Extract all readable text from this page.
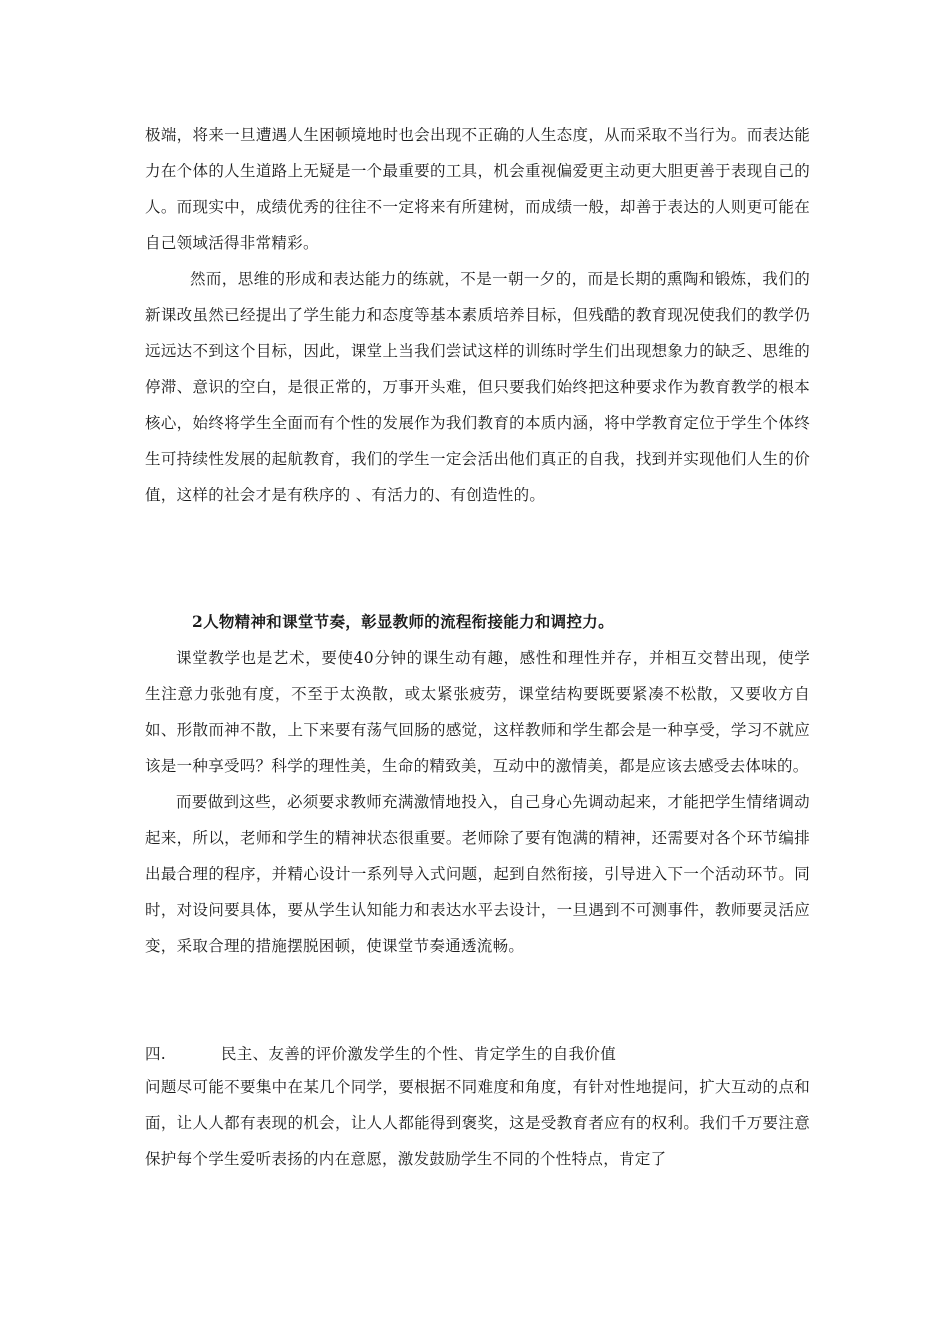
极端，将来一旦遭遇人生困顿境地时也会出现不正确的人生态度，从而采取不当行为。而表达能力在个体的人生道路上无疑是一个最重要的工具，机会重视偏爱更主动更大胆更善于表现自己的人。而现实中，成绩优秀的往往不一定将来有所建树，而成绩一般，却善于表达的人则更可能在自己领域活得非常精彩。

然而，思维的形成和表达能力的练就，不是一朝一夕的，而是长期的熏陶和锻炼，我们的新课改虽然已经提出了学生能力和态度等基本素质培养目标，但残酷的教育现况使我们的教学仍远远达不到这个目标，因此，课堂上当我们尝试这样的训练时学生们出现想象力的缺乏、思维的停滞、意识的空白，是很正常的，万事开头难，但只要我们始终把这种要求作为教育教学的根本核心，始终将学生全面而有个性的发展作为我们教育的本质内涵，将中学教育定位于学生个体终生可持续性发展的起航教育，我们的学生一定会活出他们真正的自我，找到并实现他们人生的价值，这样的社会才是有秩序的 、有活力的、有创造性的。

2人物精神和课堂节奏，彰显教师的流程衔接能力和调控力。

课堂教学也是艺术，要使40分钟的课生动有趣，感性和理性并存，并相互交替出现，使学生注意力张弛有度，不至于太涣散，或太紧张疲劳，课堂结构要既要紧凑不松散，又要收方自如、形散而神不散，上下来要有荡气回肠的感觉，这样教师和学生都会是一种享受，学习不就应该是一种享受吗？科学的理性美，生命的精致美，互动中的激情美，都是应该去感受去体味的。

而要做到这些，必须要求教师充满激情地投入，自己身心先调动起来，才能把学生情绪调动起来，所以，老师和学生的精神状态很重要。老师除了要有饱满的精神，还需要对各个环节编排出最合理的程序，并精心设计一系列导入式问题，起到自然衔接，引导进入下一个活动环节。同时，对设问要具体，要从学生认知能力和表达水平去设计，一旦遇到不可测事件，教师要灵活应变，采取合理的措施摆脱困顿，使课堂节奏通透流畅。

四.	民主、友善的评价激发学生的个性、肯定学生的自我价值

问题尽可能不要集中在某几个同学，要根据不同难度和角度，有针对性地提问，扩大互动的点和面，让人人都有表现的机会，让人人都能得到褒奖，这是受教育者应有的权利。我们千万要注意保护每个学生爱听表扬的内在意愿，激发鼓励学生不同的个性特点，肯定了
